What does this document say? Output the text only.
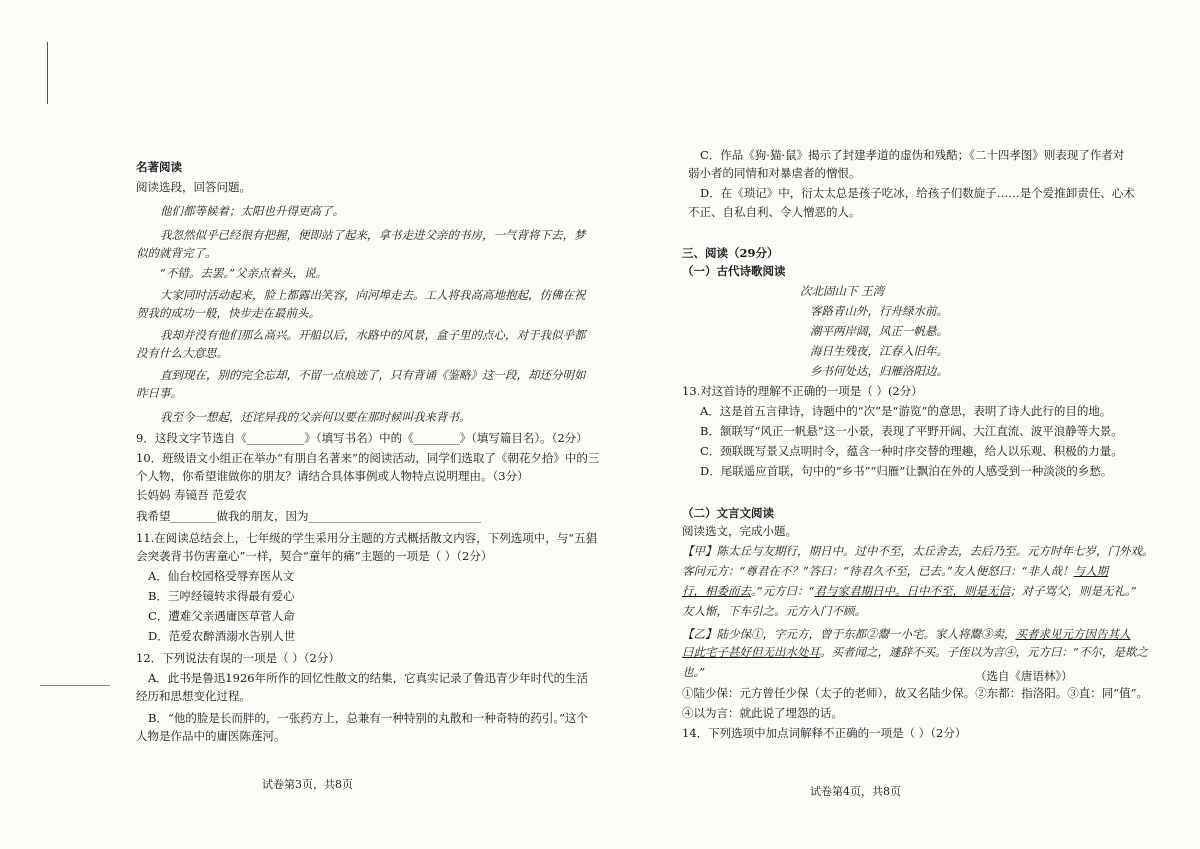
名著阅读
阅读选段，回答问题。
他们都等候着；太阳也升得更高了。
我忽然似乎已经很有把握，便即站了起来，拿书走进父亲的书房，一气背将下去，梦
似的就背完了。
“不错。去罢。”父亲点着头，说。
大家同时活动起来，脸上都露出笑容，向河埠走去。工人将我高高地抱起，仿佛在祝
贺我的成功一般，快步走在最前头。
我却并没有他们那么高兴。开船以后，水路中的风景，盒子里的点心，对于我似乎都
没有什么大意思。
直到现在，别的完全忘却，不留一点痕迹了，只有背诵《鉴略》这一段，却还分明如
昨日事。
我至今一想起，还诧异我的父亲何以要在那时候叫我来背书。
9．这段文字节选自《__________》（填写书名）中的《________》（填写篇目名）。（2分）
10．班级语文小组正在举办“有朋自名著来”的阅读活动，同学们选取了《朝花夕拾》中的三
个人物，你希望谁做你的朋友？请结合具体事例或人物特点说明理由。（3分）
长妈妈 寿镜吾 范爱农
我希望________做我的朋友，因为______________________________
11.在阅读总结会上，七年级的学生采用分主题的方式概括散文内容，下列选项中，与“五猖
会突袭背书伤害童心”一样，契合“童年的痛”主题的一项是（ ）（2分）
A．仙台校园格受辱弃医从文
B．三哼经镜转求得最有爱心
C．遭难父亲遇庸医草菅人命
D．范爱农醉酒溺水告别人世
12．下列说法有误的一项是（ ）（2分）
A．此书是鲁迅1926年所作的回忆性散文的结集，它真实记录了鲁迅青少年时代的生活
经历和思想变化过程。
B．“他的脸是长而胖的，一张药方上，总兼有一种特别的丸散和一种奇特的药引。”这个
人物是作品中的庸医陈莲河。
试卷第3页，共8页
C．作品《狗·猫·鼠》揭示了封建孝道的虚伪和残酷；《二十四孝图》则表现了作者对
弱小者的同情和对暴虐者的憎恨。
D．在《琐记》中，衍太太总是孩子吃冰，给孩子们数旋子……是个爱推卸责任、心术
不正、自私自利、令人憎恶的人。
三、阅读（29分）
（一）古代诗歌阅读
次北固山下 王湾
客路青山外，行舟绿水前。
潮平两岸阔，风正一帆悬。
海日生残夜，江春入旧年。
乡书何处达，归雁洛阳边。
13.对这首诗的理解不正确的一项是（ ）(2分）
A．这是首五言律诗，诗题中的“次”是“游览”的意思，表明了诗人此行的目的地。
B．颔联写“风正一帆悬”这一小景，表现了平野开阔、大江直流、波平浪静等大景。
C．颈联既写景又点明时令，蕴含一种时序交替的理趣，给人以乐观、积极的力量。
D．尾联遥应首联，句中的“乡书”“归雁”让飘泊在外的人感受到一种淡淡的乡愁。
（二）文言文阅读
阅读选文，完成小题。
【甲】陈太丘与友期行，期日中。过中不至，太丘舍去，去后乃至。元方时年七岁，门外戏。
客问元方：“尊君在不？”答曰：“待君久不至，已去。”友人便怒曰：“非人哉！与人期
行，相委而去。”元方曰：“君与家君期日中。日中不至，则是无信；对子骂父，则是无礼。”
友人惭，下车引之。元方入门不顾。
【乙】陆少保①，字元方，曾于东都②鬻一小宅。家人将鬻③卖，买者求见元方因告其人
曰此宅子甚好但无出水处耳。买者闻之，遽辞不买。子侄以为言④，元方曰：“不尔，是欺之
也。”	（选自《唐语林》）
①陆少保：元方曾任少保（太子的老师），故又名陆少保。②东都：指洛阳。③直：同“值”。
④以为言：就此说了埋怨的话。
14．下列选项中加点词解释不正确的一项是（ ）（2分）
试卷第4页，共8页
